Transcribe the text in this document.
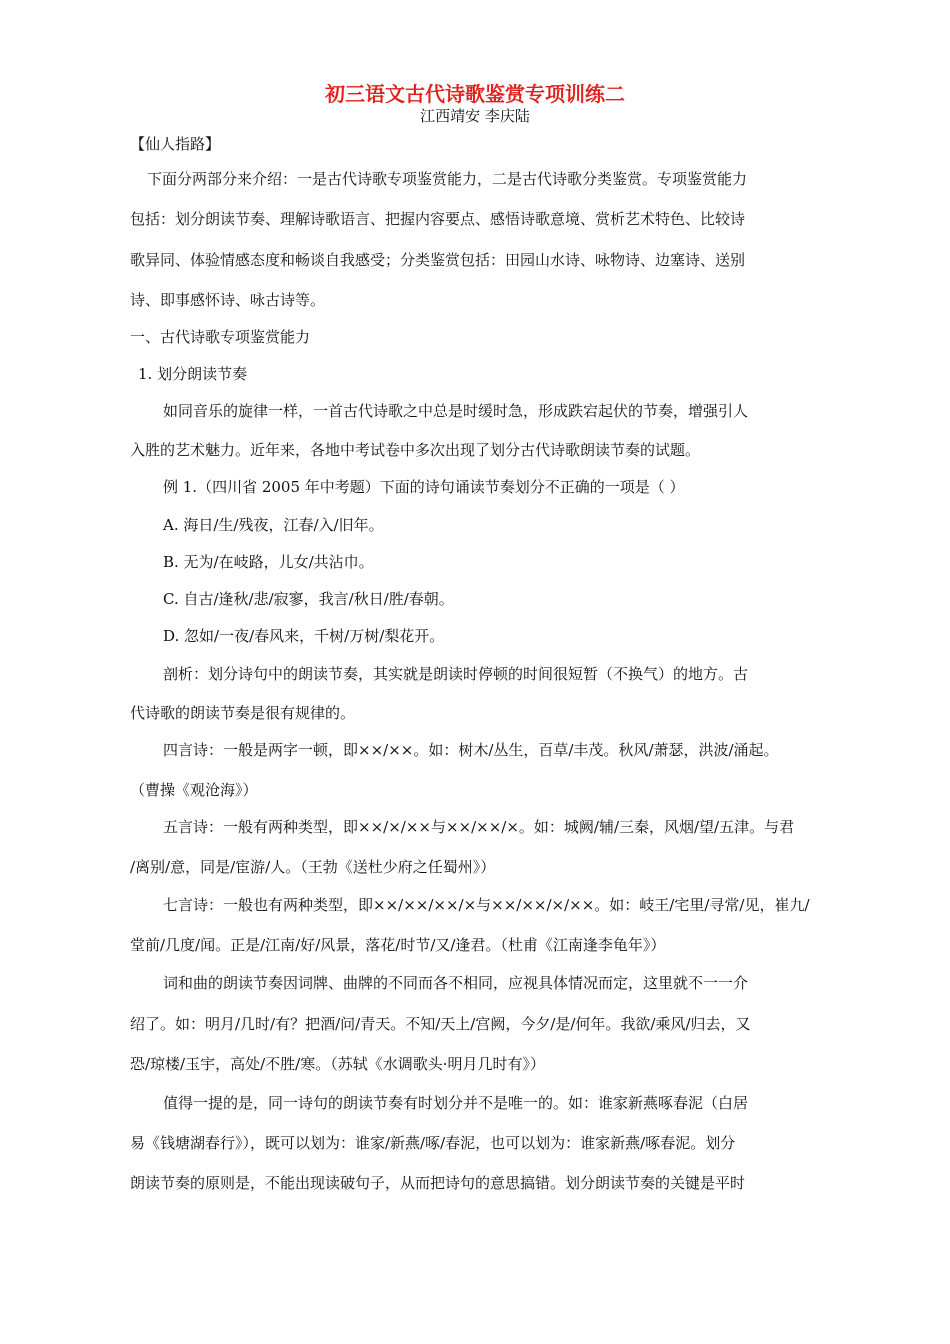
初三语文古代诗歌鉴赏专项训练二
江西靖安 李庆陆
【仙人指路】
下面分两部分来介绍：一是古代诗歌专项鉴赏能力，二是古代诗歌分类鉴赏。专项鉴赏能力
包括：划分朗读节奏、理解诗歌语言、把握内容要点、感悟诗歌意境、赏析艺术特色、比较诗
歌异同、体验情感态度和畅谈自我感受；分类鉴赏包括：田园山水诗、咏物诗、边塞诗、送别
诗、即事感怀诗、咏古诗等。
一、古代诗歌专项鉴赏能力
1. 划分朗读节奏
如同音乐的旋律一样，一首古代诗歌之中总是时缓时急，形成跌宕起伏的节奏，增强引人
入胜的艺术魅力。近年来，各地中考试卷中多次出现了划分古代诗歌朗读节奏的试题。
例 1.（四川省 2005 年中考题）下面的诗句诵读节奏划分不正确的一项是（ ）
A. 海日/生/残夜，江春/入/旧年。
B. 无为/在岐路，儿女/共沾巾。
C. 自古/逢秋/悲/寂寥，我言/秋日/胜/春朝。
D. 忽如/一夜/春风来，千树/万树/梨花开。
剖析：划分诗句中的朗读节奏，其实就是朗读时停顿的时间很短暂（不换气）的地方。古
代诗歌的朗读节奏是很有规律的。
四言诗：一般是两字一顿，即××/××。如：树木/丛生，百草/丰茂。秋风/萧瑟，洪波/涌起。
（曹操《观沧海》）
五言诗：一般有两种类型，即××/×/××与××/××/×。如：城阙/辅/三秦，风烟/望/五津。与君
/离别/意，同是/宦游/人。（王勃《送杜少府之任蜀州》）
七言诗：一般也有两种类型，即××/××/××/×与××/××/×/××。如：岐王/宅里/寻常/见，崔九/
堂前/几度/闻。正是/江南/好/风景，落花/时节/又/逢君。（杜甫《江南逢李龟年》）
词和曲的朗读节奏因词牌、曲牌的不同而各不相同，应视具体情况而定，这里就不一一介
绍了。如：明月/几时/有？把酒/问/青天。不知/天上/宫阙，今夕/是/何年。我欲/乘风/归去，又
恐/琼楼/玉宇，高处/不胜/寒。（苏轼《水调歌头·明月几时有》）
值得一提的是，同一诗句的朗读节奏有时划分并不是唯一的。如：谁家新燕啄春泥（白居
易《钱塘湖春行》），既可以划为：谁家/新燕/啄/春泥，也可以划为：谁家新燕/啄春泥。划分
朗读节奏的原则是，不能出现读破句子，从而把诗句的意思搞错。划分朗读节奏的关键是平时
